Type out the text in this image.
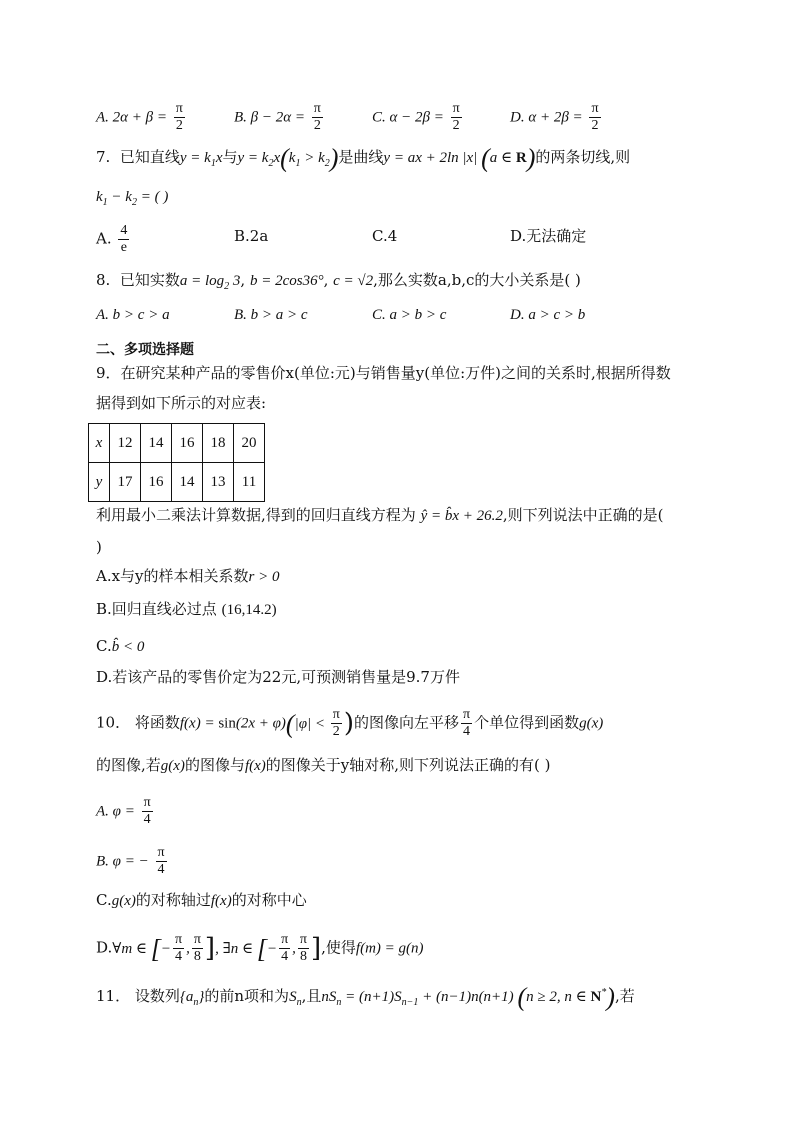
A. $2\alpha + \beta = \frac{\pi}{2}$	B. $\beta - 2\alpha = \frac{\pi}{2}$	C. $\alpha - 2\beta = \frac{\pi}{2}$	D. $\alpha + 2\beta = \frac{\pi}{2}$
7. 已知直线$y = k_1x$与$y = k_2x(k_1 > k_2)$是曲线y = ax + 2ln |x| (a ∈ R)的两条切线,则
$k_1 - k_2$ = ( )
A. $\frac{4}{e}$	B.2a	C.4	D.无法确定
8. 已知实数$a = \log_2 3$, b = 2cos36°, c = √2,那么实数a,b,c的大小关系是( )
A. b > c > a	B. b > a > c	C. a > b > c	D. a > c > b
二、多项选择题
9．在研究某种产品的零售价x(单位:元)与销售量y(单位:万件)之间的关系时,根据所得数
据得到如下所示的对应表:
x	12	14	16	18	20
y	17	16	14	13	11
利用最小二乘法计算数据,得到的回归直线方程为 ŷ = b̂x + 26.2,则下列说法中正确的是(
)
A.x与y的样本相关系数r > 0
B.回归直线必过点 (16,14.2)
C.b̂ < 0
D.若该产品的零售价定为22元,可预测销售量是9.7万件
10． 将函数$f(x) = \sin(2x + \varphi)(|\varphi| < \frac{\pi}{2}$ )的图像向左平移 $\frac{\pi}{4}$ 个单位得到函数g(x)
的图像,若g(x)的图像与f(x)的图像关于y轴对称,则下列说法正确的有( )
A. $\varphi = \frac{\pi}{4}$
B. φ = − $\frac{\pi}{4}$
C.g(x)的对称轴过f(x)的对称中心
D.∀m ∈ [− $\frac{\pi}{4}$ , $\frac{\pi}{8}$ ], ∃n ∈ [− $\frac{\pi}{4}$ , $\frac{\pi}{8}$ ],使得f(m) = g(n)
11． 设数列$\{a_n\}$的前n项和为$S_n$,且$nS_n = (n+1)S_{n-1} + (n-1)n(n+1) (n \ge 2$, n ∈ N*),若
